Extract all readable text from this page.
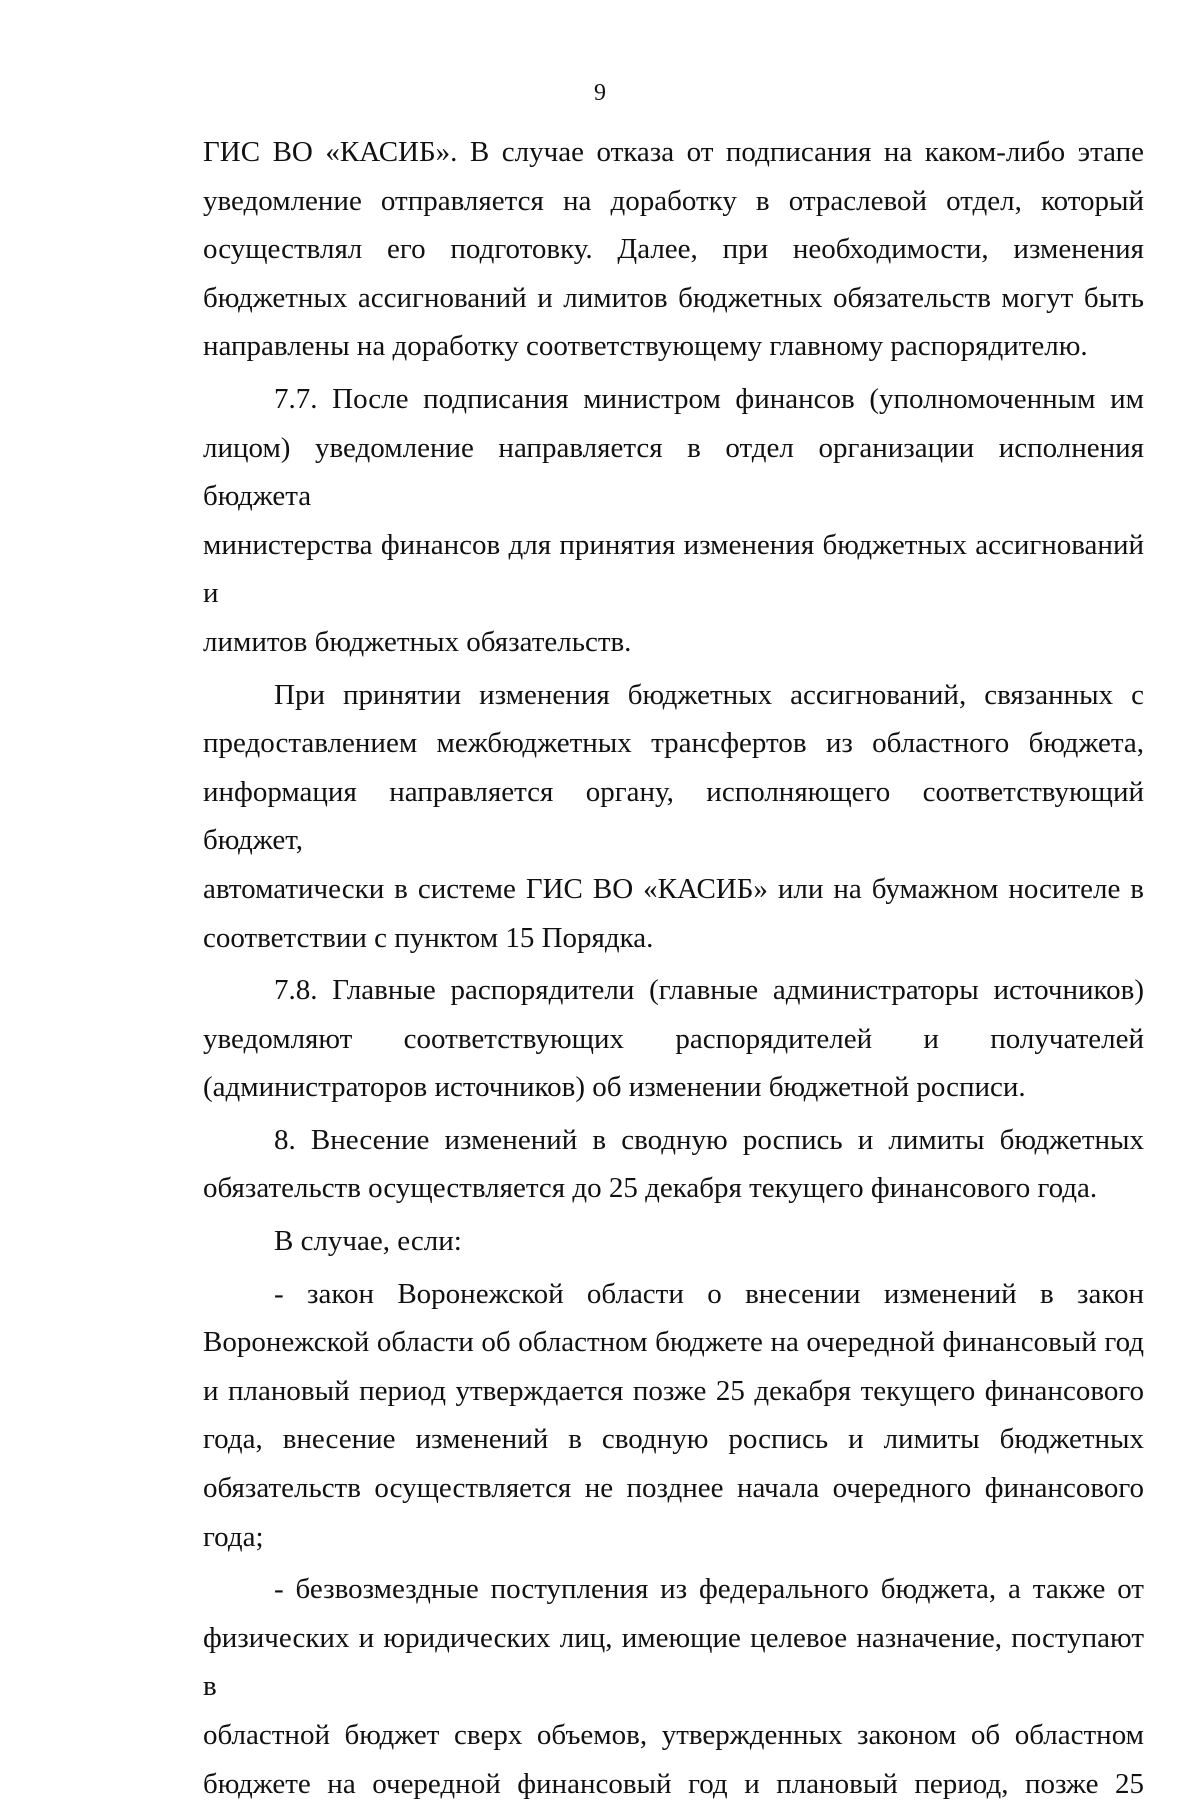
9

ГИС ВО «КАСИБ». В случае отказа от подписания на каком-либо этапе
уведомление отправляется на доработку в отраслевой отдел, который
осуществлял его подготовку. Далее, при необходимости, изменения
бюджетных ассигнований и лимитов бюджетных обязательств могут быть
направлены на доработку соответствующему главному распорядителю.

7.7. После подписания министром финансов (уполномоченным им
лицом) уведомление направляется в отдел организации исполнения бюджета
министерства финансов для принятия изменения бюджетных ассигнований и
лимитов бюджетных обязательств.

При принятии изменения бюджетных ассигнований, связанных с
предоставлением межбюджетных трансфертов из областного бюджета,
информация направляется органу, исполняющего соответствующий бюджет,
автоматически в системе ГИС ВО «КАСИБ» или на бумажном носителе в
соответствии с пунктом 15 Порядка.

7.8. Главные распорядители (главные администраторы источников)
уведомляют соответствующих распорядителей и получателей
(администраторов источников) об изменении бюджетной росписи.

8. Внесение изменений в сводную роспись и лимиты бюджетных
обязательств осуществляется до 25 декабря текущего финансового года.

В случае, если:

- закон Воронежской области о внесении изменений в закон
Воронежской области об областном бюджете на очередной финансовый год
и плановый период утверждается позже 25 декабря текущего финансового
года, внесение изменений в сводную роспись и лимиты бюджетных
обязательств осуществляется не позднее начала очередного финансового
года;

- безвозмездные поступления из федерального бюджета, а также от
физических и юридических лиц, имеющие целевое назначение, поступают в
областной бюджет сверх объемов, утвержденных законом об областном
бюджете на очередной финансовый год и плановый период, позже 25
